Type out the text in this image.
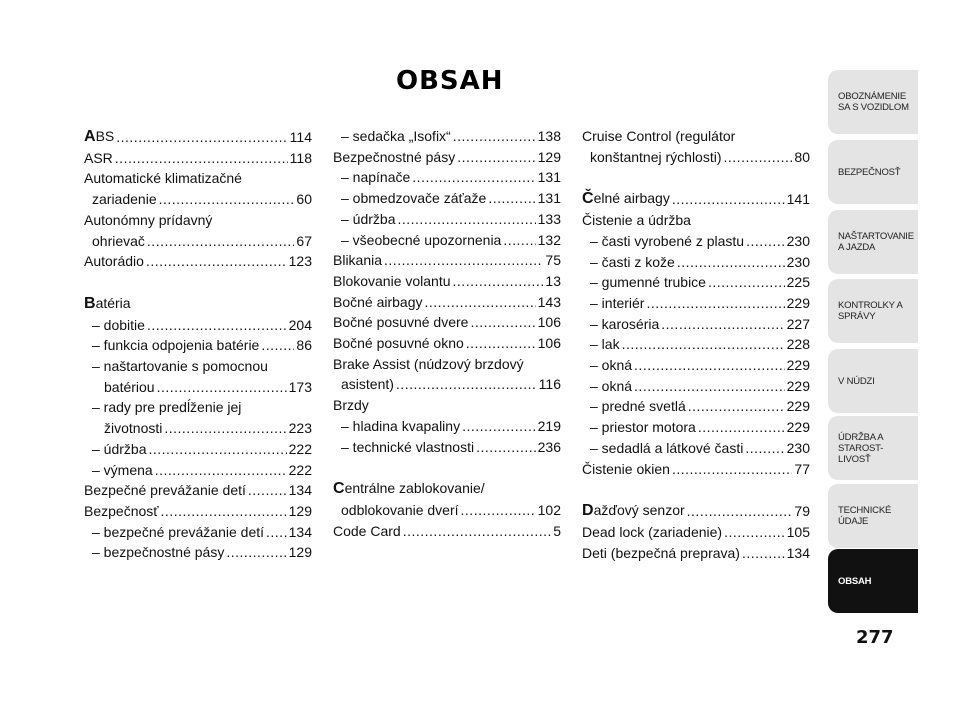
OBSAH
ABS .....	114
ASR .....	118
Automatické klimatizačné
zariadenie .....	60
Autonómny prídavný
ohrievač .....	67
Autorádio .....	123
Batéria
– dobitie .....	204
– funkcia odpojenia batérie .....	86
– naštartovanie s pomocnou
batériou .....	173
– rady pre predĺženie jej
životnosti .....	223
– údržba .....	222
– výmena .....	222
Bezpečné prevážanie detí .....	134
Bezpečnosť .....	129
– bezpečné prevážanie detí ..... 134
– bezpečnostné pásy .....	129
– sedačka „Isofix“ .....	138
Bezpečnostné pásy .....	129
– napínače .....	131
– obmedzovače záťaže .....	131
– údržba .....	133
– všeobecné upozornenia .....	132
Blikania .....	75
Blokovanie volantu .....	13
Bočné airbagy .....	143
Bočné posuvné dvere .....	106
Bočné posuvné okno .....	106
Brake Assist (núdzový brzdový
asistent) .....	116
Brzdy
– hladina kvapaliny .....	219
– technické vlastnosti .....	236
Centrálne zablokovanie/
odblokovanie dverí .....	102
Code Card .....	5
Cruise Control (regulátor
konštantnej rýchlosti) .....	80
Čelné airbagy .....	141
Čistenie a údržba
– časti vyrobené z plastu .....	230
– časti z kože .....	230
– gumenné trubice .....	225
– interiér .....	229
– karoséria .....	227
– lak .....	228
– okná .....	229
– okná .....	229
– predné svetlá .....	229
– priestor motora .....	229
– sedadlá a látkové časti .....	230
Čistenie okien .....	77
Dažďový senzor .....	79
Dead lock (zariadenie) .....	105
Deti (bezpečná preprava) .....	134
OBOZNÁMENIE SA S VOZIDLOM
BEZPEČNOSŤ
NAŠTARTOVANIE A JAZDA
KONTROLKY A SPRÁVY
V NÚDZI
ÚDRŽBA A STAROST-LIVOSŤ
TECHNICKÉ ÚDAJE
OBSAH
277
